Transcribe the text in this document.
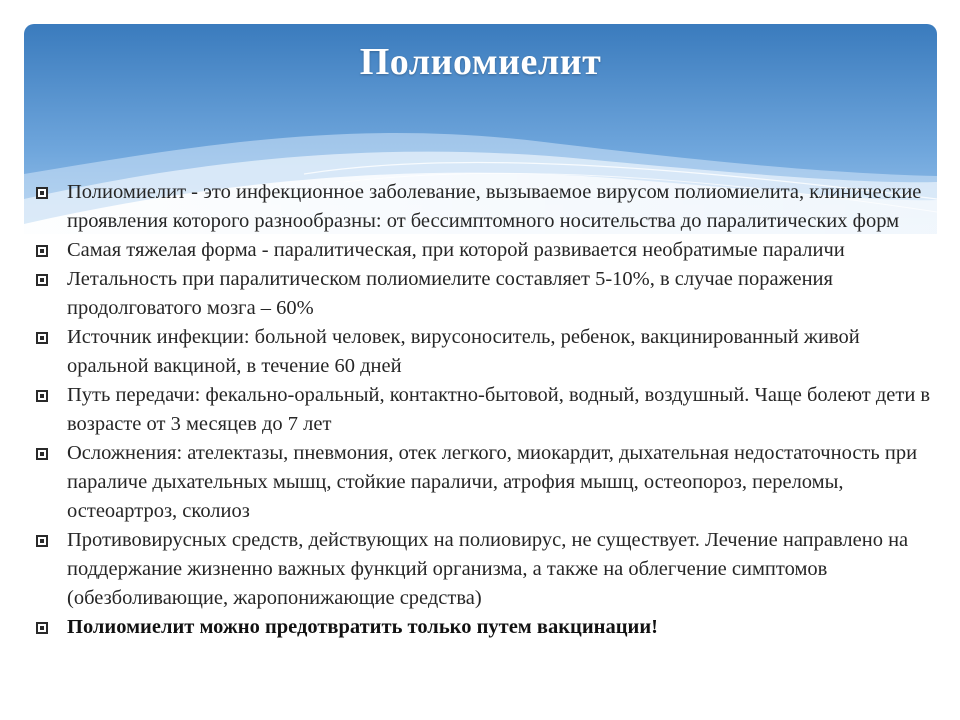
Полиомиелит
Полиомиелит - это инфекционное заболевание, вызываемое вирусом полиомиелита, клинические проявления которого разнообразны: от бессимптомного носительства до паралитических форм
Самая тяжелая форма - паралитическая, при которой развивается необратимые параличи
Летальность при паралитическом полиомиелите составляет 5-10%, в случае поражения продолговатого мозга – 60%
Источник инфекции: больной человек, вирусоноситель, ребенок, вакцинированный живой оральной вакциной, в течение 60 дней
Путь передачи: фекально-оральный, контактно-бытовой, водный, воздушный. Чаще болеют дети в возрасте от 3 месяцев до 7 лет
Осложнения: ателектазы, пневмония, отек легкого, миокардит, дыхательная недостаточность при параличе дыхательных мышц, стойкие параличи, атрофия мышц, остеопороз, переломы, остеоартроз, сколиоз
Противовирусных средств, действующих на полиовирус, не существует. Лечение направлено на поддержание жизненно важных функций организма, а также на облегчение симптомов (обезболивающие, жаропонижающие средства)
Полиомиелит можно предотвратить только путем вакцинации!
